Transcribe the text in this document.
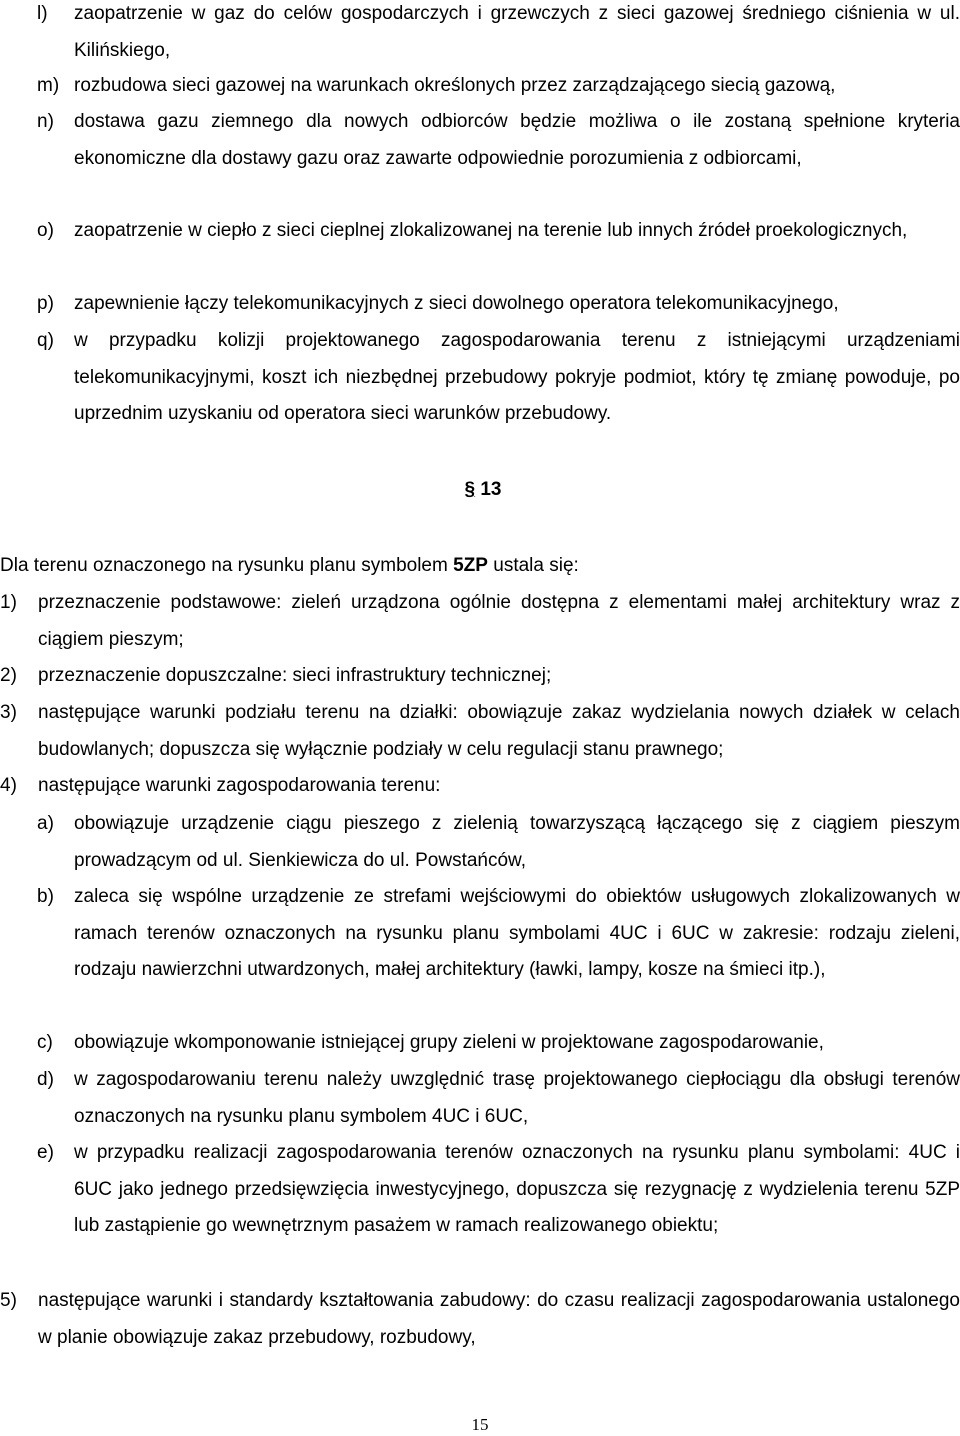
l) zaopatrzenie w gaz do celów gospodarczych i grzewczych z sieci gazowej średniego ciśnienia w ul. Kilińskiego,
m) rozbudowa sieci gazowej na warunkach określonych przez zarządzającego siecią gazową,
n) dostawa gazu ziemnego dla nowych odbiorców będzie możliwa o ile zostaną spełnione kryteria ekonomiczne dla dostawy gazu oraz zawarte odpowiednie porozumienia z odbiorcami,
o) zaopatrzenie w ciepło z sieci cieplnej zlokalizowanej na terenie lub innych źródeł proekologicznych,
p) zapewnienie łączy telekomunikacyjnych z sieci dowolnego operatora telekomunikacyjnego,
q) w przypadku kolizji projektowanego zagospodarowania terenu z istniejącymi urządzeniami telekomunikacyjnymi, koszt ich niezbędnej przebudowy pokryje podmiot, który tę zmianę powoduje, po uprzednim uzyskaniu od operatora sieci warunków przebudowy.
§ 13
Dla terenu oznaczonego na rysunku planu symbolem 5ZP ustala się:
1) przeznaczenie podstawowe: zieleń urządzona ogólnie dostępna z elementami małej architektury wraz z ciągiem pieszym;
2) przeznaczenie dopuszczalne: sieci infrastruktury technicznej;
3) następujące warunki podziału terenu na działki: obowiązuje zakaz wydzielania nowych działek w celach budowlanych; dopuszcza się wyłącznie podziały w celu regulacji stanu prawnego;
4) następujące warunki zagospodarowania terenu:
a) obowiązuje urządzenie ciągu pieszego z zielenią towarzyszącą łączącego się z ciągiem pieszym prowadzącym od ul. Sienkiewicza do ul. Powstańców,
b) zaleca się wspólne urządzenie ze strefami wejściowymi do obiektów usługowych zlokalizowanych w ramach terenów oznaczonych na rysunku planu symbolami 4UC i 6UC w zakresie: rodzaju zieleni, rodzaju nawierzchni utwardzonych, małej architektury (ławki, lampy, kosze na śmieci itp.),
c) obowiązuje wkomponowanie istniejącej grupy zieleni w projektowane zagospodarowanie,
d) w zagospodarowaniu terenu należy uwzględnić trasę projektowanego ciepłociągu dla obsługi terenów oznaczonych na rysunku planu symbolem 4UC i 6UC,
e) w przypadku realizacji zagospodarowania terenów oznaczonych na rysunku planu symbolami: 4UC i 6UC jako jednego przedsięwzięcia inwestycyjnego, dopuszcza się rezygnację z wydzielenia terenu 5ZP lub zastąpienie go wewnętrznym pasażem w ramach realizowanego obiektu;
5) następujące warunki i standardy kształtowania zabudowy: do czasu realizacji zagospodarowania ustalonego w planie obowiązuje zakaz przebudowy, rozbudowy,
15
